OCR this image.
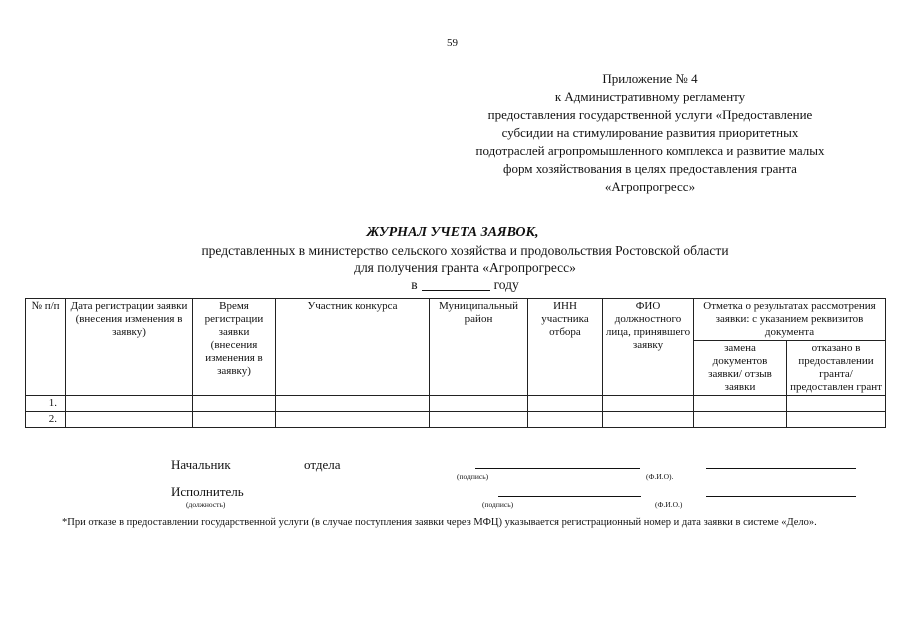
59
Приложение № 4
к Административному регламенту
предоставления государственной услуги «Предоставление
субсидии на стимулирование развития приоритетных
подотраслей агропромышленного комплекса и развитие малых
форм хозяйствования в целях предоставления гранта
«Агропрогресс»
ЖУРНАЛ УЧЕТА ЗАЯВОК,
представленных в министерство сельского хозяйства и продовольствия Ростовской области
для получения гранта «Агропрогресс»
в	году
№ п/п	Дата регистрации заявки (внесения изменения в заявку)	Время регистрации заявки (внесения изменения в заявку)	Участник конкурса	Муниципальный район	ИНН участника отбора	ФИО должностного лица, принявшего заявку	Отметка о результатах рассмотрения заявки: с указанием реквизитов документа	
							замена документов заявки/ отзыв заявки	отказано в предоставлении гранта/ предоставлен грант
1.								
2.								
Начальник	отдела
(подпись)	(Ф.И.О).
Исполнитель
(должность)	(подпись)	(Ф.И.О.)
*При отказе в предоставлении государственной услуги (в случае поступления заявки через МФЦ) указывается регистрационный номер и дата заявки в системе «Дело».
